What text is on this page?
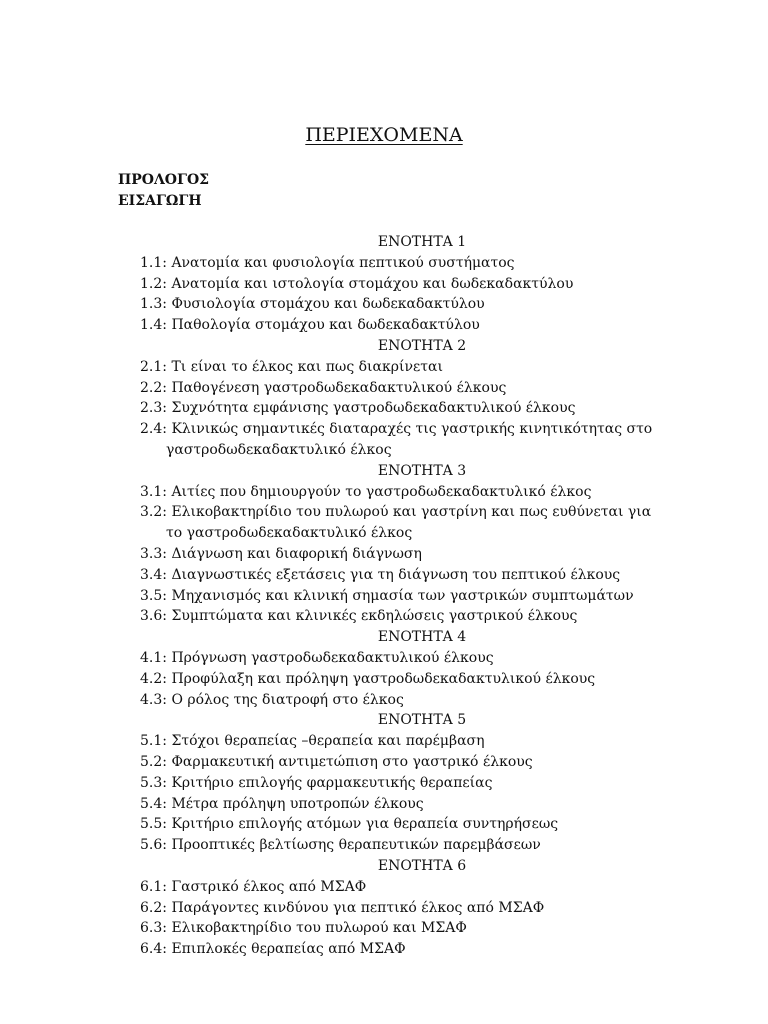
ΠΕΡΙΕΧΟΜΕΝΑ
ΠΡΟΛΟΓΟΣ
ΕΙΣΑΓΩΓΗ
ΕΝΟΤΗΤΑ 1
1.1: Ανατομία και φυσιολογία πεπτικού συστήματος
1.2: Ανατομία και ιστολογία στομάχου και δωδεκαδακτύλου
1.3: Φυσιολογία στομάχου και δωδεκαδακτύλου
1.4: Παθολογία στομάχου και δωδεκαδακτύλου
ΕΝΟΤΗΤΑ 2
2.1: Τι είναι το έλκος και πως διακρίνεται
2.2: Παθογένεση γαστροδωδεκαδακτυλικού έλκους
2.3: Συχνότητα εμφάνισης γαστροδωδεκαδακτυλικού έλκους
2.4: Κλινικώς σημαντικές διαταραχές τις γαστρικής κινητικότητας στο
γαστροδωδεκαδακτυλικό έλκος
ΕΝΟΤΗΤΑ 3
3.1: Αιτίες που δημιουργούν το γαστροδωδεκαδακτυλικό έλκος
3.2: Ελικοβακτηρίδιο του πυλωρού και γαστρίνη και πως ευθύνεται για
το γαστροδωδεκαδακτυλικό έλκος
3.3: Διάγνωση και διαφορική διάγνωση
3.4: Διαγνωστικές εξετάσεις για τη διάγνωση του πεπτικού έλκους
3.5: Μηχανισμός και κλινική σημασία των γαστρικών συμπτωμάτων
3.6: Συμπτώματα και κλινικές εκδηλώσεις γαστρικού έλκους
ΕΝΟΤΗΤΑ 4
4.1: Πρόγνωση γαστροδωδεκαδακτυλικού έλκους
4.2: Προφύλαξη και πρόληψη γαστροδωδεκαδακτυλικού έλκους
4.3: Ο ρόλος της διατροφή στο έλκος
ΕΝΟΤΗΤΑ 5
5.1: Στόχοι θεραπείας –θεραπεία και παρέμβαση
5.2: Φαρμακευτική αντιμετώπιση στο γαστρικό έλκους
5.3: Κριτήριο επιλογής φαρμακευτικής θεραπείας
5.4: Μέτρα πρόληψη υποτροπών έλκους
5.5: Κριτήριο επιλογής ατόμων για θεραπεία συντηρήσεως
5.6: Προοπτικές βελτίωσης θεραπευτικών παρεμβάσεων
ΕΝΟΤΗΤΑ 6
6.1: Γαστρικό έλκος από ΜΣΑΦ
6.2: Παράγοντες κινδύνου για πεπτικό έλκος από ΜΣΑΦ
6.3: Ελικοβακτηρίδιο του πυλωρού και ΜΣΑΦ
6.4: Επιπλοκές θεραπείας από ΜΣΑΦ
